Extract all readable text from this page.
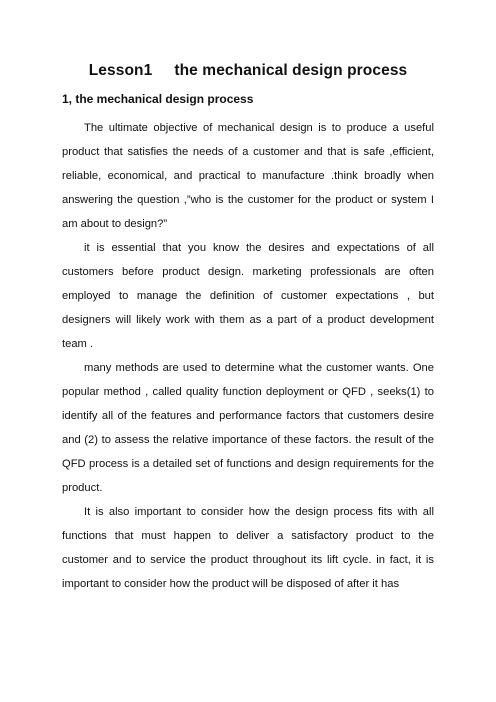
Lesson1     the mechanical design process
1, the mechanical design process

The ultimate objective of mechanical design is to produce a useful product that satisfies the needs of a customer and that is safe ,efficient, reliable, economical, and practical to manufacture .think broadly when answering the question ,”who is the customer for the product or system I am about to design?”

it is essential that you know the desires and expectations of all customers before product design. marketing professionals are often employed to manage the definition of customer expectations , but designers will likely work with them as a part of a product development team .

many methods are used to determine what the customer wants. One popular method , called quality function deployment or QFD , seeks(1) to identify all of the features and performance factors that customers desire and (2) to assess the relative importance of these factors. the result of the QFD process is a detailed set of functions and design requirements for the product.

It is also important to consider how the design process fits with all functions that must happen to deliver a satisfactory product to the customer and to service the product throughout its lift cycle. in fact, it is important to consider how the product will be disposed of after it has
